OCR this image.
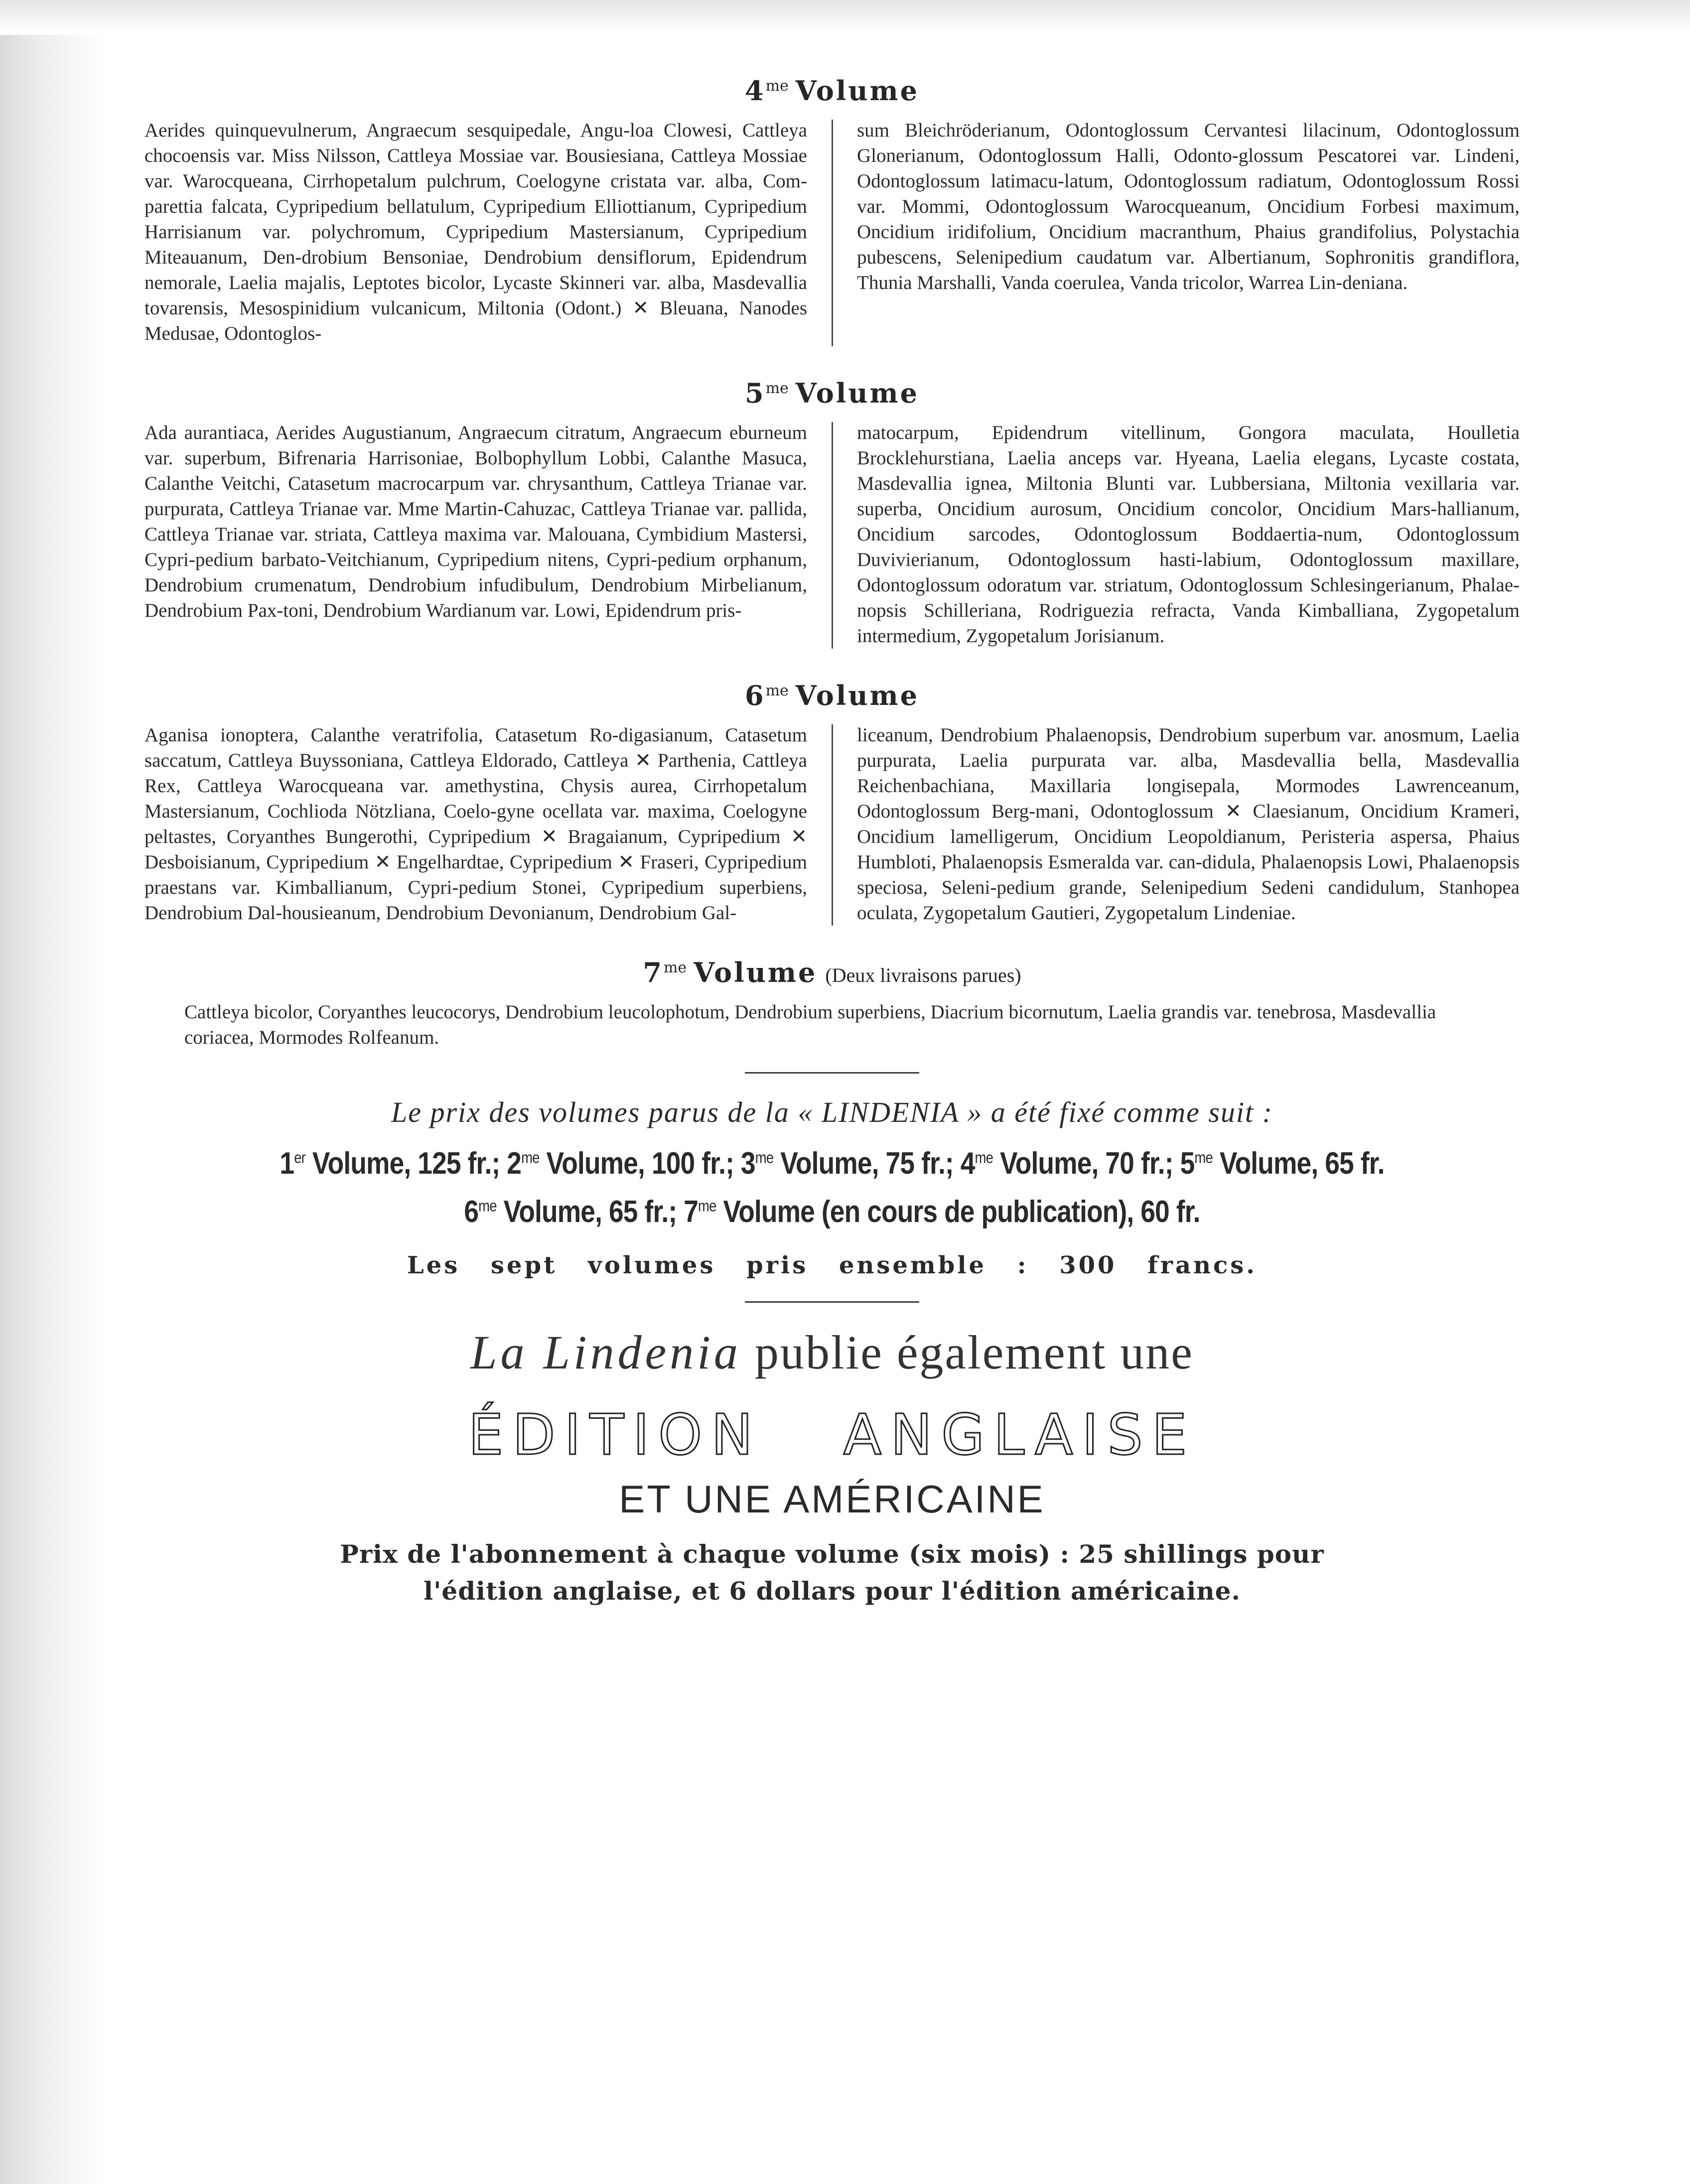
$4^{me}$ Volume
Aerides quinquevulnerum, Angraecum sesquipedale, Angu-loa Clowesi, Cattleya chocoensis var. Miss Nilsson, Cattleya Mossiae var. Bousiesiana, Cattleya Mossiae var. Warocqueana, Cirrhopetalum pulchrum, Coelogyne cristata var. alba, Com-parettia falcata, Cypripedium bellatulum, Cypripedium Elliottianum, Cypripedium Harrisianum var. polychromum, Cypripedium Mastersianum, Cypripedium Miteauanum, Den-drobium Bensoniae, Dendrobium densiflorum, Epidendrum nemorale, Laelia majalis, Leptotes bicolor, Lycaste Skinneri var. alba, Masdevallia tovarensis, Mesospinidium vulcanicum, Miltonia (Odont.) ✕ Bleuana, Nanodes Medusae, Odontoglos-
sum Bleichröderianum, Odontoglossum Cervantesi lilacinum, Odontoglossum Glonerianum, Odontoglossum Halli, Odonto-glossum Pescatorei var. Lindeni, Odontoglossum latimacu-latum, Odontoglossum radiatum, Odontoglossum Rossi var. Mommi, Odontoglossum Warocqueanum, Oncidium Forbesi maximum, Oncidium iridifolium, Oncidium macranthum, Phaius grandifolius, Polystachia pubescens, Selenipedium caudatum var. Albertianum, Sophronitis grandiflora, Thunia Marshalli, Vanda coerulea, Vanda tricolor, Warrea Lin-deniana.
$5^{me}$ Volume
Ada aurantiaca, Aerides Augustianum, Angraecum citratum, Angraecum eburneum var. superbum, Bifrenaria Harrisoniae, Bolbophyllum Lobbi, Calanthe Masuca, Calanthe Veitchi, Catasetum macrocarpum var. chrysanthum, Cattleya Trianae var. purpurata, Cattleya Trianae var. Mme Martin-Cahuzac, Cattleya Trianae var. pallida, Cattleya Trianae var. striata, Cattleya maxima var. Malouana, Cymbidium Mastersi, Cypri-pedium barbato-Veitchianum, Cypripedium nitens, Cypri-pedium orphanum, Dendrobium crumenatum, Dendrobium infudibulum, Dendrobium Mirbelianum, Dendrobium Pax-toni, Dendrobium Wardianum var. Lowi, Epidendrum pris-
matocarpum, Epidendrum vitellinum, Gongora maculata, Houlletia Brocklehurstiana, Laelia anceps var. Hyeana, Laelia elegans, Lycaste costata, Masdevallia ignea, Miltonia Blunti var. Lubbersiana, Miltonia vexillaria var. superba, Oncidium aurosum, Oncidium concolor, Oncidium Mars-hallianum, Oncidium sarcodes, Odontoglossum Boddaertia-num, Odontoglossum Duvivierianum, Odontoglossum hasti-labium, Odontoglossum maxillare, Odontoglossum odoratum var. striatum, Odontoglossum Schlesingerianum, Phalae-nopsis Schilleriana, Rodriguezia refracta, Vanda Kimballiana, Zygopetalum intermedium, Zygopetalum Jorisianum.
$6^{me}$ Volume
Aganisa ionoptera, Calanthe veratrifolia, Catasetum Ro-digasianum, Catasetum saccatum, Cattleya Buyssoniana, Cattleya Eldorado, Cattleya ✕ Parthenia, Cattleya Rex, Cattleya Warocqueana var. amethystina, Chysis aurea, Cirrhopetalum Mastersianum, Cochlioda Nötzliana, Coelo-gyne ocellata var. maxima, Coelogyne peltastes, Coryanthes Bungerothi, Cypripedium ✕ Bragaianum, Cypripedium ✕ Desboisianum, Cypripedium ✕ Engelhardtae, Cypripedium ✕ Fraseri, Cypripedium praestans var. Kimballianum, Cypri-pedium Stonei, Cypripedium superbiens, Dendrobium Dal-housieanum, Dendrobium Devonianum, Dendrobium Gal-
liceanum, Dendrobium Phalaenopsis, Dendrobium superbum var. anosmum, Laelia purpurata, Laelia purpurata var. alba, Masdevallia bella, Masdevallia Reichenbachiana, Maxillaria longisepala, Mormodes Lawrenceanum, Odontoglossum Berg-mani, Odontoglossum ✕ Claesianum, Oncidium Krameri, Oncidium lamelligerum, Oncidium Leopoldianum, Peristeria aspersa, Phaius Humbloti, Phalaenopsis Esmeralda var. can-didula, Phalaenopsis Lowi, Phalaenopsis speciosa, Seleni-pedium grande, Selenipedium Sedeni candidulum, Stanhopea oculata, Zygopetalum Gautieri, Zygopetalum Lindeniae.
$7^{me}$ Volume (Deux livraisons parues)
Cattleya bicolor, Coryanthes leucocorys, Dendrobium leucolophotum, Dendrobium superbiens, Diacrium bicornutum, Laelia grandis var. tenebrosa, Masdevallia coriacea, Mormodes Rolfeanum.

Le prix des volumes parus de la « LINDENIA » a été fixé comme suit :

1er Volume, 125 fr.; $2^{me}$ Volume, 100 fr.; $3^{me}$ Volume, 75 fr.; $4^{me}$ Volume, 70 fr.; $5^{me}$ Volume, 65 fr.
$6^{me}$ Volume, 65 fr.; $7^{me}$ Volume (en cours de publication), 60 fr.

Les sept volumes pris ensemble : 300 francs.

La Lindenia publie également une

ÉDITION ANGLAISE

ET UNE AMÉRICAINE

Prix de l'abonnement à chaque volume (six mois) : 25 shillings pour
l'édition anglaise, et 6 dollars pour l'édition américaine.
